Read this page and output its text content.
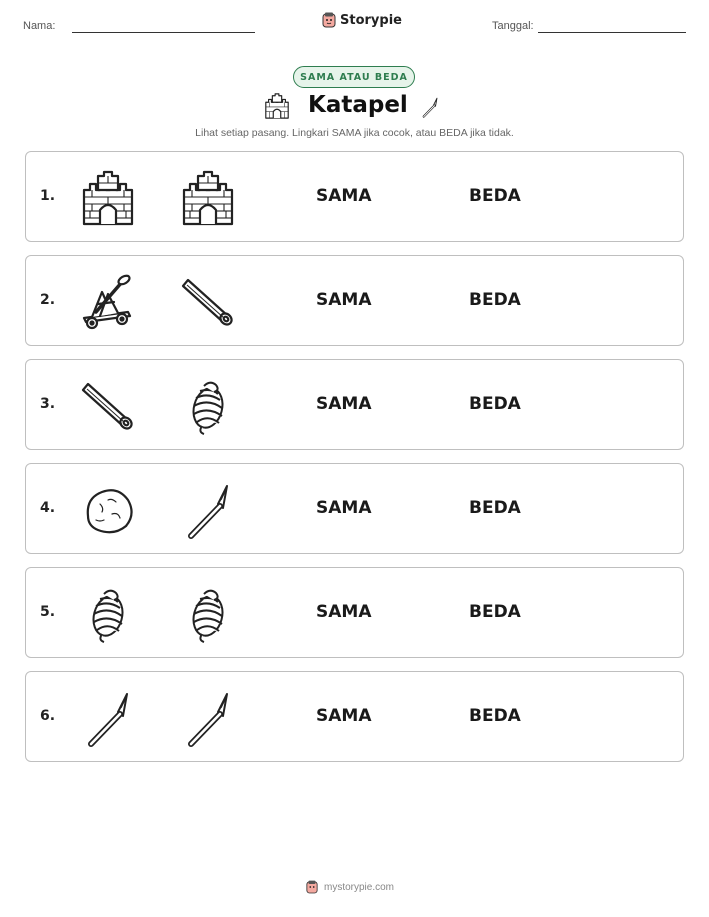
Nama:	Storypie	Tanggal:
SAMA ATAU BEDA
Katapel
Lihat setiap pasang. Lingkari SAMA jika cocok, atau BEDA jika tidak.
1.	SAMA	BEDA
2.	SAMA	BEDA
3.	SAMA	BEDA
4.	SAMA	BEDA
5.	SAMA	BEDA
6.	SAMA	BEDA
mystorypie.com
